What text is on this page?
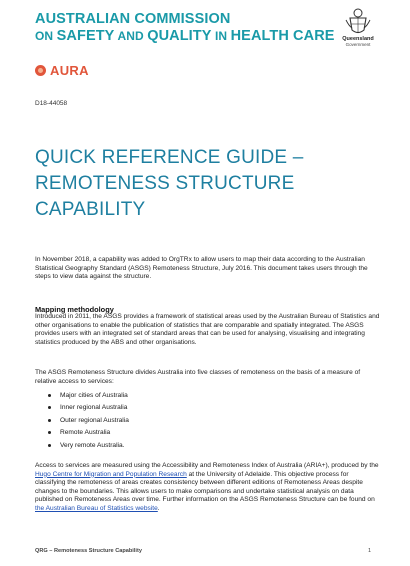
AUSTRALIAN COMMISSION
ON SAFETY AND QUALITY IN HEALTH CARE	Queensland
Government
AURA
D18-44058
QUICK REFERENCE GUIDE –
REMOTENESS STRUCTURE
CAPABILITY
In November 2018, a capability was added to OrgTRx to allow users to map their data according to the Australian Statistical Geography Standard (ASGS) Remoteness Structure, July 2016. This document takes users through the steps to view data against the structure.
Mapping methodology
Introduced in 2011, the ASGS provides a framework of statistical areas used by the Australian Bureau of Statistics and other organisations to enable the publication of statistics that are comparable and spatially integrated. The ASGS provides users with an integrated set of standard areas that can be used for analysing, visualising and integrating statistics produced by the ABS and other organisations.
The ASGS Remoteness Structure divides Australia into five classes of remoteness on the basis of a measure of relative access to services:
Major cities of Australia
Inner regional Australia
Outer regional Australia
Remote Australia
Very remote Australia.
Access to services are measured using the Accessibility and Remoteness Index of Australia (ARIA+), produced by the Hugo Centre for Migration and Population Research at the University of Adelaide. This objective process for classifying the remoteness of areas creates consistency between different editions of Remoteness Areas despite changes to the boundaries. This allows users to make comparisons and undertake statistical analysis on data published on Remoteness Areas over time. Further information on the ASGS Remoteness Structure can be found on the Australian Bureau of Statistics website.
QRG – Remoteness Structure Capability	1
